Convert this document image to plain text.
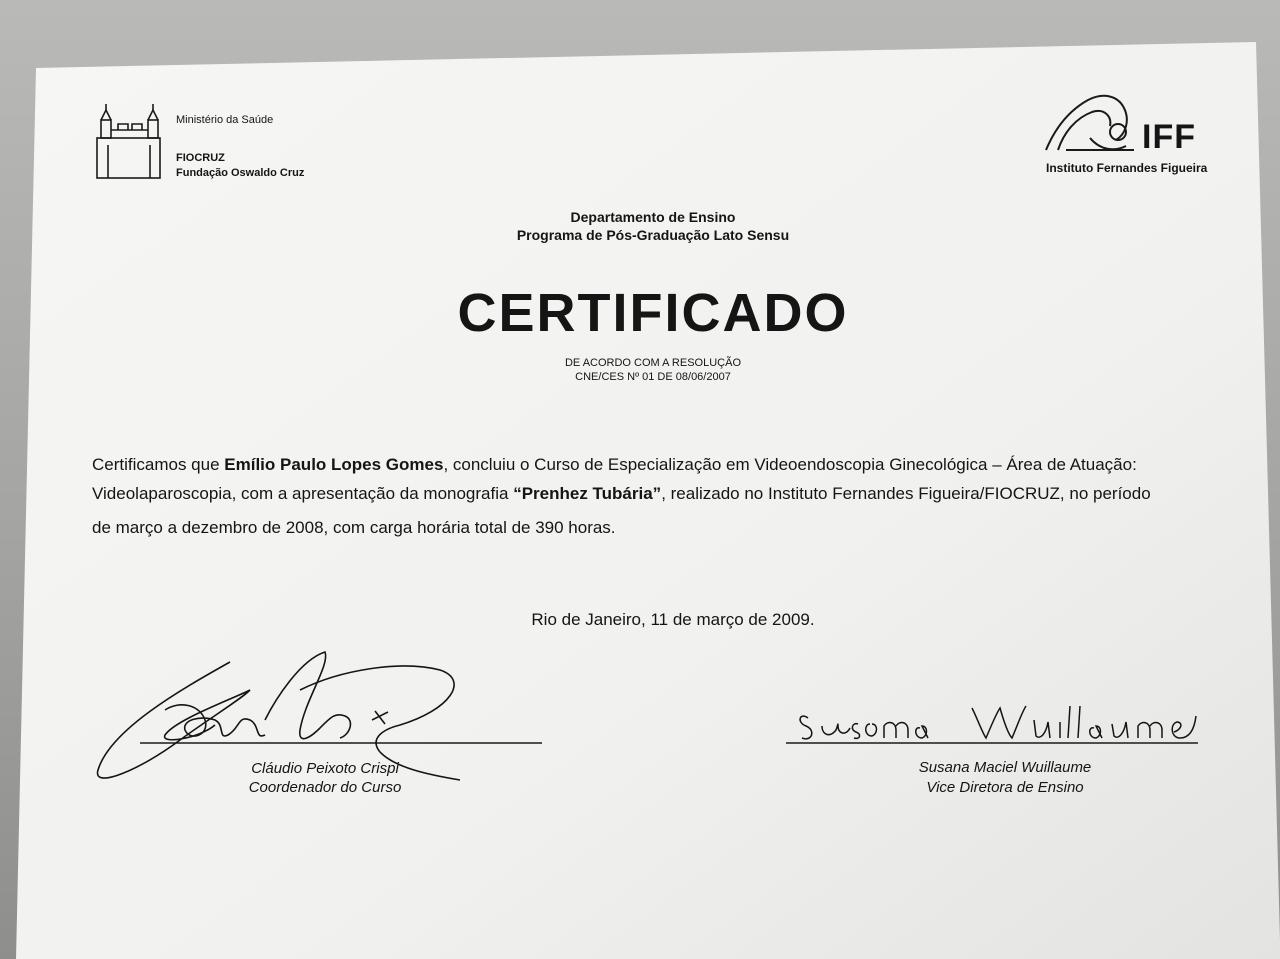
Ministério da Saúde
FIOCRUZ
Fundação Oswaldo Cruz
IFF
Instituto Fernandes Figueira
Departamento de Ensino
Programa de Pós-Graduação Lato Sensu
CERTIFICADO
DE ACORDO COM A RESOLUÇÃO
CNE/CES Nº 01 DE 08/06/2007
Certificamos que Emílio Paulo Lopes Gomes, concluiu o Curso de Especialização em Videoendoscopia Ginecológica – Área de Atuação:
Videolaparoscopia, com a apresentação da monografia “Prenhez Tubária”, realizado no Instituto Fernandes Figueira/FIOCRUZ, no período
de março a dezembro de 2008, com carga horária total de 390 horas.
Rio de Janeiro, 11 de março de 2009.
Cláudio Peixoto Crispi
Coordenador do Curso
Susana Maciel Wuillaume
Vice Diretora de Ensino
